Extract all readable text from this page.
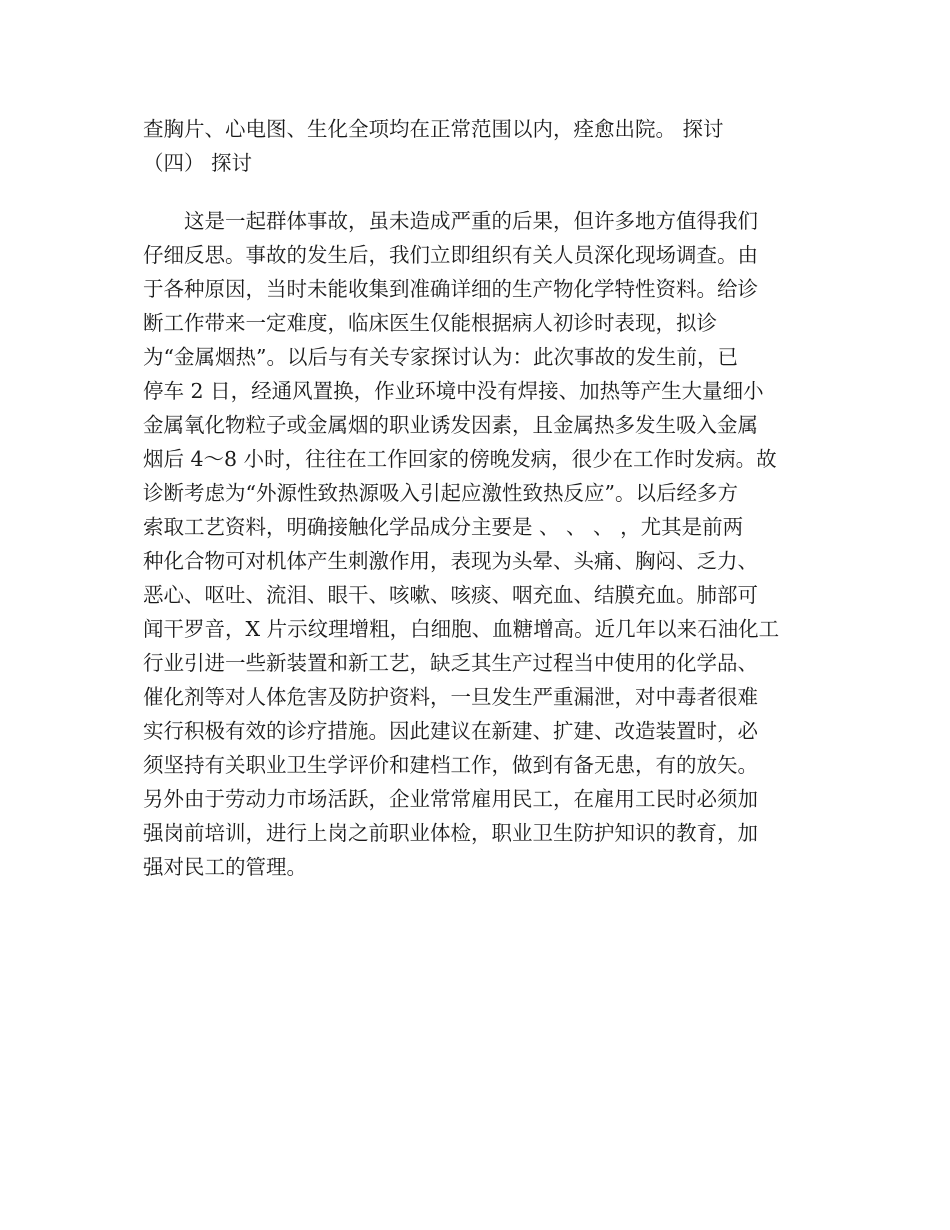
查胸片、心电图、生化全项均在正常范围以内，痊愈出院。 探讨
（四） 探讨
　　这是一起群体事故，虽未造成严重的后果，但许多地方值得我们
仔细反思。事故的发生后，我们立即组织有关人员深化现场调查。由
于各种原因，当时未能收集到准确详细的生产物化学特性资料。给诊
断工作带来一定难度，临床医生仅能根据病人初诊时表现，拟诊
为“金属烟热”。以后与有关专家探讨认为：此次事故的发生前，已
停车 2 日，经通风置换，作业环境中没有焊接、加热等产生大量细小
金属氧化物粒子或金属烟的职业诱发因素，且金属热多发生吸入金属
烟后 4～8 小时，往往在工作回家的傍晚发病，很少在工作时发病。故
诊断考虑为“外源性致热源吸入引起应激性致热反应”。以后经多方
索取工艺资料，明确接触化学品成分主要是 、 、 、 ，尤其是前两
种化合物可对机体产生刺激作用，表现为头晕、头痛、胸闷、乏力、
恶心、呕吐、流泪、眼干、咳嗽、咳痰、咽充血、结膜充血。肺部可
闻干罗音，X 片示纹理增粗，白细胞、血糖增高。近几年以来石油化工
行业引进一些新装置和新工艺，缺乏其生产过程当中使用的化学品、
催化剂等对人体危害及防护资料，一旦发生严重漏泄，对中毒者很难
实行积极有效的诊疗措施。因此建议在新建、扩建、改造装置时，必
须坚持有关职业卫生学评价和建档工作，做到有备无患，有的放矢。
另外由于劳动力市场活跃，企业常常雇用民工，在雇用工民时必须加
强岗前培训，进行上岗之前职业体检，职业卫生防护知识的教育，加
强对民工的管理。
